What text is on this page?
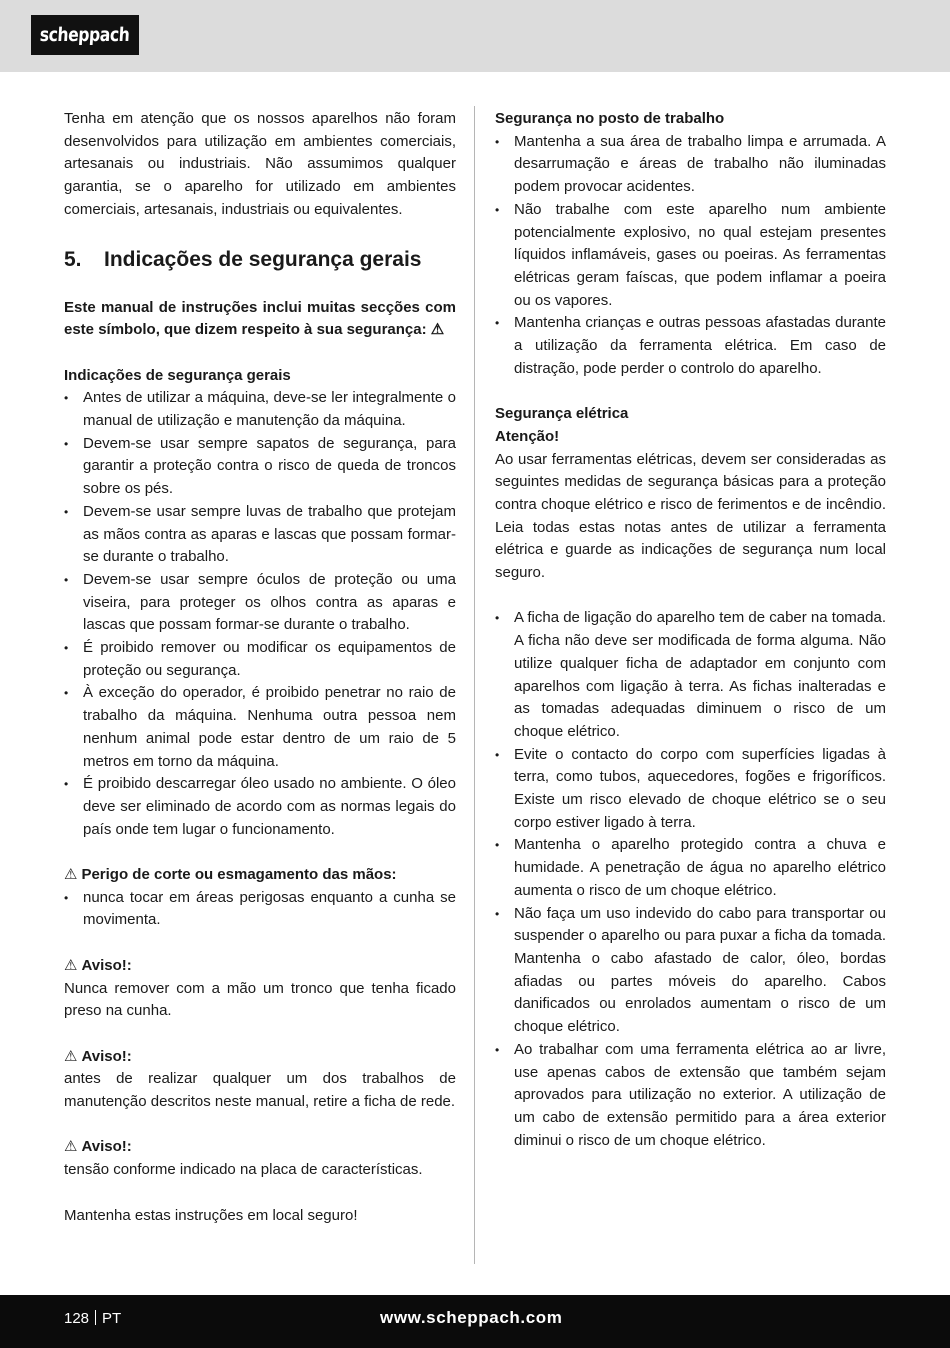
scheppach

Tenha em atenção que os nossos aparelhos não foram desenvolvidos para utilização em ambientes comerciais, artesanais ou industriais. Não assumimos qualquer garantia, se o aparelho for utilizado em ambientes comerciais, artesanais, industriais ou equivalentes.

5.	Indicações de segurança gerais

Este manual de instruções inclui muitas secções com este símbolo, que dizem respeito à sua segurança: ⚠

Indicações de segurança gerais

• Antes de utilizar a máquina, deve-se ler integralmente o manual de utilização e manutenção da máquina.
• Devem-se usar sempre sapatos de segurança, para garantir a proteção contra o risco de queda de troncos sobre os pés.
• Devem-se usar sempre luvas de trabalho que protejam as mãos contra as aparas e lascas que possam formar-se durante o trabalho.
• Devem-se usar sempre óculos de proteção ou uma viseira, para proteger os olhos contra as aparas e lascas que possam formar-se durante o trabalho.
• É proibido remover ou modificar os equipamentos de proteção ou segurança.
• À exceção do operador, é proibido penetrar no raio de trabalho da máquina. Nenhuma outra pessoa nem nenhum animal pode estar dentro de um raio de 5 metros em torno da máquina.
• É proibido descarregar óleo usado no ambiente. O óleo deve ser eliminado de acordo com as normas legais do país onde tem lugar o funcionamento.

⚠ Perigo de corte ou esmagamento das mãos:

• nunca tocar em áreas perigosas enquanto a cunha se movimenta.

⚠ Aviso!:

Nunca remover com a mão um tronco que tenha ficado preso na cunha.

⚠ Aviso!:

antes de realizar qualquer um dos trabalhos de manutenção descritos neste manual, retire a ficha de rede.

⚠ Aviso!:

tensão conforme indicado na placa de características.

Mantenha estas instruções em local seguro!

Segurança no posto de trabalho

• Mantenha a sua área de trabalho limpa e arrumada. A desarrumação e áreas de trabalho não iluminadas podem provocar acidentes.
• Não trabalhe com este aparelho num ambiente potencialmente explosivo, no qual estejam presentes líquidos inflamáveis, gases ou poeiras. As ferramentas elétricas geram faíscas, que podem inflamar a poeira ou os vapores.
• Mantenha crianças e outras pessoas afastadas durante a utilização da ferramenta elétrica. Em caso de distração, pode perder o controlo do aparelho.

Segurança elétrica

Atenção!

Ao usar ferramentas elétricas, devem ser consideradas as seguintes medidas de segurança básicas para a proteção contra choque elétrico e risco de ferimentos e de incêndio. Leia todas estas notas antes de utilizar a ferramenta elétrica e guarde as indicações de segurança num local seguro.

• A ficha de ligação do aparelho tem de caber na tomada. A ficha não deve ser modificada de forma alguma. Não utilize qualquer ficha de adaptador em conjunto com aparelhos com ligação à terra. As fichas inalteradas e as tomadas adequadas diminuem o risco de um choque elétrico.
• Evite o contacto do corpo com superfícies ligadas à terra, como tubos, aquecedores, fogões e frigoríficos. Existe um risco elevado de choque elétrico se o seu corpo estiver ligado à terra.
• Mantenha o aparelho protegido contra a chuva e humidade. A penetração de água no aparelho elétrico aumenta o risco de um choque elétrico.
• Não faça um uso indevido do cabo para transportar ou suspender o aparelho ou para puxar a ficha da tomada. Mantenha o cabo afastado de calor, óleo, bordas afiadas ou partes móveis do aparelho. Cabos danificados ou enrolados aumentam o risco de um choque elétrico.
• Ao trabalhar com uma ferramenta elétrica ao ar livre, use apenas cabos de extensão que também sejam aprovados para utilização no exterior. A utilização de um cabo de extensão permitido para a área exterior diminui o risco de um choque elétrico.
128 PT	www.scheppach.com
